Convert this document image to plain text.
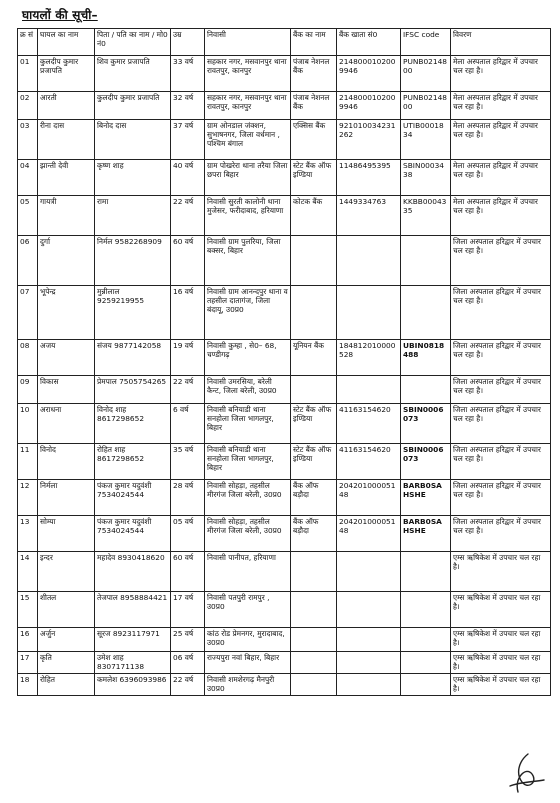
घायलों की सूची–
क्र सं	घायल का नाम	पिता / पति का नाम / मो0 नं0	उम्र	निवासी	बैंक का नाम	बैंक खाता सं0	IFSC code	विवरण
01	कुलदीप कुमार प्रजापति	शिव कुमार प्रजापति	33 वर्ष	सहकार नगर, मसवानपुर थाना रावतपुर, कानपुर	पंजाब नेशनल बैंक	2148000102009946	PUNB0214800	मेला अस्पताल हरिद्वार में उपचार चल रहा है।
02	आरती	कुलदीप कुमार प्रजापति	32 वर्ष	सहकार नगर, मसवानपुर थाना रावतपुर, कानपुर	पंजाब नेशनल बैंक	2148000102009946	PUNB0214800	मेला अस्पताल हरिद्वार में उपचार चल रहा है।
03	रीना दास	बिनोद दास	37 वर्ष	ग्राम ओनडाल जंक्शन, सुभाषनगर, जिला वर्धमान , पश्चिम बंगाल	एक्सिस बैंक	921010034231262	UTIB0001834	मेला अस्पताल हरिद्वार में उपचार चल रहा है।
04	झान्ती देवी	कृष्ण शाह	40 वर्ष	ग्राम पोखरेरा थाना तरैया जिला छपरा बिहार	स्टेट बैंक ऑफ इण्डिया	11486495395	SBIN0003438	मेला अस्पताल हरिद्वार में उपचार चल रहा है।
05	गायत्री	रामा	22 वर्ष	निवासी सुरती कालोनी थाना मुजेसर, फरीदाबाद, हरियाणा	कोटक बैंक	1449334763	KKBB0004335	मेला अस्पताल हरिद्वार में उपचार चल रहा है।
06	दुर्गा	निर्मल 9582268909	60 वर्ष	निवासी ग्राम पुलरिया, जिला बक्सर, बिहार				जिला अस्पताल हरिद्वार में उपचार चल रहा है।
07	भूपेन्द्र	मुन्नीलाल 9259219955	16 वर्ष	निवासी ग्राम आनन्दपुर थाना व तहसील दातागंज, जिला बंदायू, उ0प्र0				जिला अस्पताल हरिद्वार में उपचार चल रहा है।
08	अजय	संजय 9877142058	19 वर्ष	निवासी कुम्हा , से0– 68, चण्डीगढ़	यूनियन बैंक	184812010000528	UBIN0818488	जिला अस्पताल हरिद्वार में उपचार चल रहा है।
09	विकास	प्रेमपाल 7505754265	22 वर्ष	निवासी उमरसिया, बरेली कैन्ट, जिला बरेली, उ0प्र0				जिला अस्पताल हरिद्वार में उपचार चल रहा है।
10	अराधना	विनोद शाह 8617298652	6 वर्ष	निवासी बनियाडी थाना सनहोला जिला भागलपुर, बिहार	स्टेट बैंक ऑफ इण्डिया	41163154620	SBIN0006073	जिला अस्पताल हरिद्वार में उपचार चल रहा है।
11	विनोद	रोहित शाह 8617298652	35 वर्ष	निवासी बनियाडी थाना सनहोला जिला भागलपुर, बिहार	स्टेट बैंक ऑफ इण्डिया	41163154620	SBIN0006073	जिला अस्पताल हरिद्वार में उपचार चल रहा है।
12	निर्मला	पंकज कुमार यदुवंशी 7534024544	28 वर्ष	निवासी सोहड़ा, तहसील मीरगंज जिला बरेली, उ0प्र0	बैंक ऑफ बड़ौदा	20420100005148	BARB0SAHSHE	जिला अस्पताल हरिद्वार में उपचार चल रहा है।
13	सोम्या	पंकज कुमार यदुवंशी 7534024544	05 वर्ष	निवासी सोहड़ा, तहसील मीरगंज जिला बरेली, उ0प्र0	बैंक ऑफ बड़ौदा	20420100005148	BARB0SAHSHE	जिला अस्पताल हरिद्वार में उपचार चल रहा है।
14	इन्दर	महादेव 8930418620	60 वर्ष	निवासी पानीपत, हरियाणा				एम्स ऋषिकेश में उपचार चल रहा है।
15	शीतल	तेजपाल 8958884421	17 वर्ष	निवासी पतपुरी रामपुर , उ0प्र0				एम्स ऋषिकेश में उपचार चल रहा है।
16	अर्जुन	सूरज 8923117971	25 वर्ष	कांठ रोड प्रेमनगर, मुरादाबाद, उ0प्र0				एम्स ऋषिकेश में उपचार चल रहा है।
17	कृति	उमेश शाह 8307171138	06 वर्ष	राज्यपुरा नवां बिहार, बिहार				एम्स ऋषिकेश में उपचार चल रहा है।
18	रोहित	कमलेश 6396093986	22 वर्ष	निवासी शमशेरगढ़ मैनपुरी उ0प्र0				एम्स ऋषिकेश में उपचार चल रहा है।
